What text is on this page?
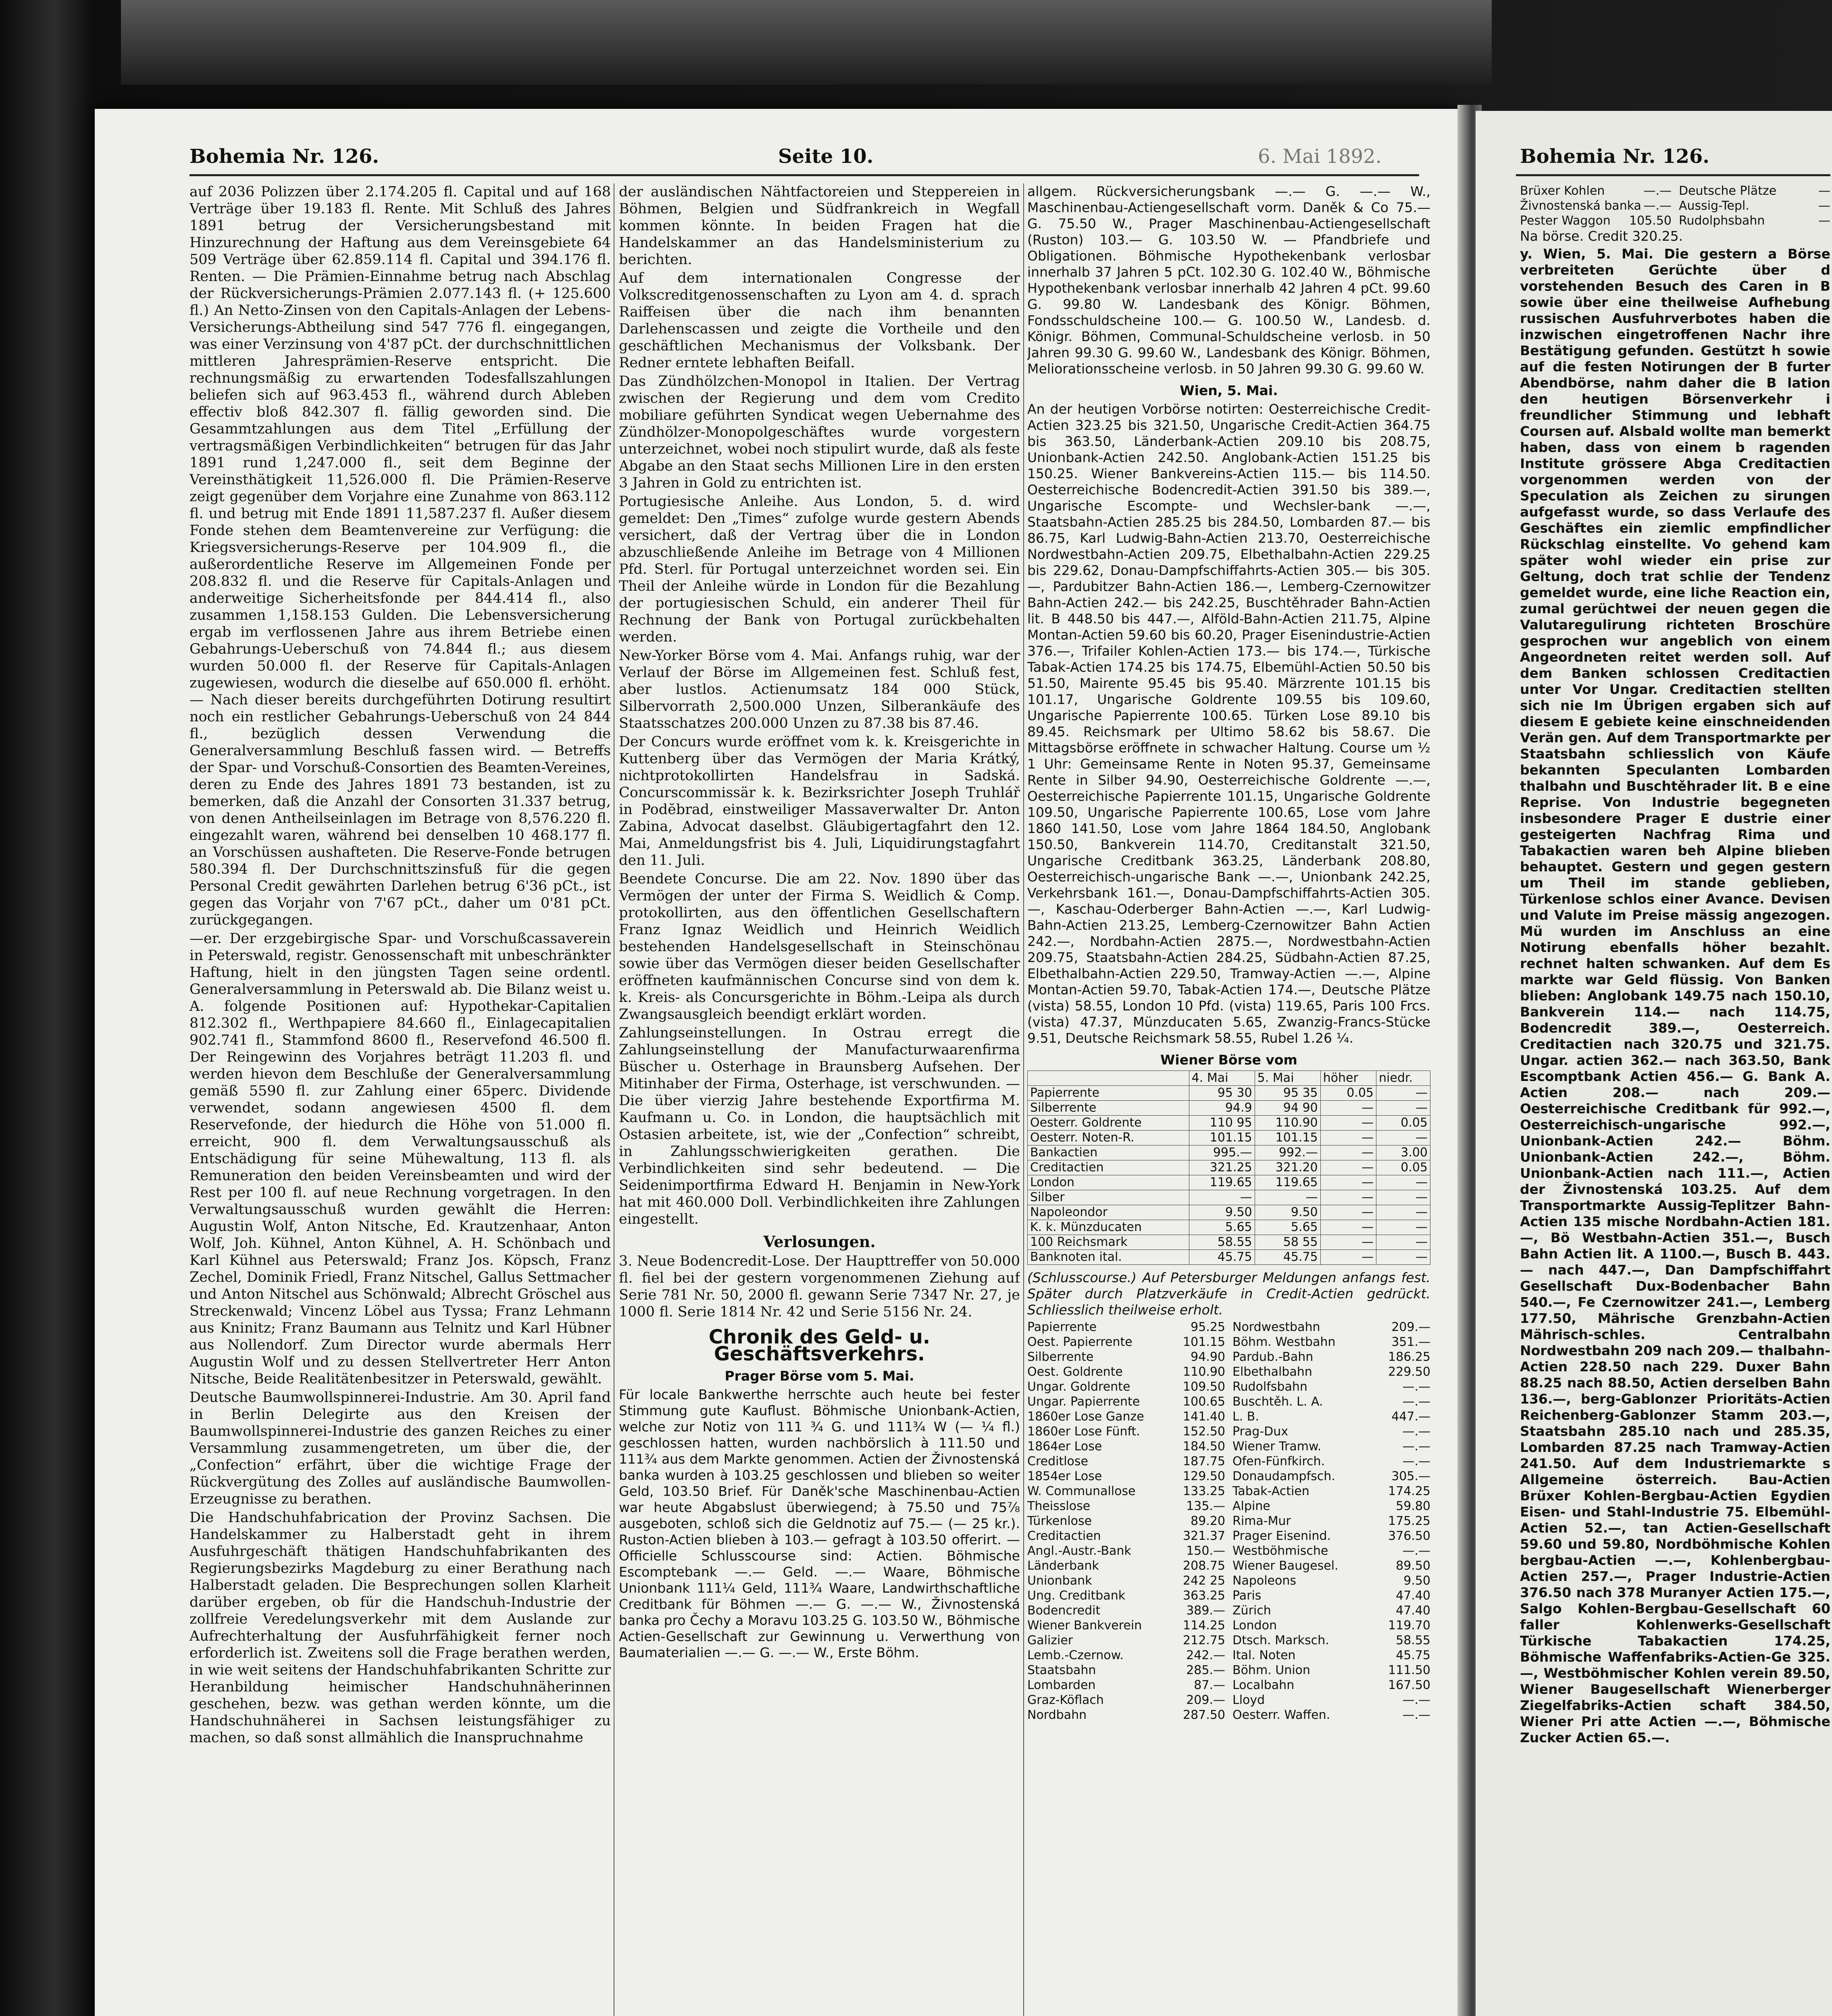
Bohemia Nr. 126.	Seite 10.	6. Mai 1892.	Bohemia Nr. 126.

auf 2036 Polizzen über 2.174.205 fl. Capital und auf 168 Verträge über 19.183 fl. Rente. Mit Schluß des Jahres 1891 betrug der Versicherungsbestand mit Hinzurechnung der Haftung aus dem Vereinsgebiete 64 509 Verträge über 62.859.114 fl. Capital und 394.176 fl. Renten. — Die Prämien-Einnahme betrug nach Abschlag der Rückversicherungs-Prämien 2.077.143 fl. (+ 125.600 fl.) An Netto-Zinsen von den Capitals-Anlagen der Lebens-Versicherungs-Abtheilung sind 547 776 fl. eingegangen, was einer Verzinsung von 4'87 pCt. der durchschnittlichen mittleren Jahresprämien-Reserve entspricht. Die rechnungsmäßig zu erwartenden Todesfallszahlungen beliefen sich auf 963.453 fl., während durch Ableben effectiv bloß 842.307 fl. fällig geworden sind. Die Gesammtzahlungen aus dem Titel „Erfüllung der vertragsmäßigen Verbindlichkeiten“ betrugen für das Jahr 1891 rund 1,247.000 fl., seit dem Beginne der Vereinsthätigkeit 11,526.000 fl. Die Prämien-Reserve zeigt gegenüber dem Vorjahre eine Zunahme von 863.112 fl. und betrug mit Ende 1891 11,587.237 fl. Außer diesem Fonde stehen dem Beamtenvereine zur Verfügung: die Kriegsversicherungs-Reserve per 104.909 fl., die außerordentliche Reserve im Allgemeinen Fonde per 208.832 fl. und die Reserve für Capitals-Anlagen und anderweitige Sicherheitsfonde per 844.414 fl., also zusammen 1,158.153 Gulden. Die Lebensversicherung ergab im verflossenen Jahre aus ihrem Betriebe einen Gebahrungs-Ueberschuß von 74.844 fl.; aus diesem wurden 50.000 fl. der Reserve für Capitals-Anlagen zugewiesen, wodurch die dieselbe auf 650.000 fl. erhöht. — Nach dieser bereits durchgeführten Dotirung resultirt noch ein restlicher Gebahrungs-Ueberschuß von 24 844 fl., bezüglich dessen Verwendung die Generalversammlung Beschluß fassen wird. — Betreffs der Spar- und Vorschuß-Consortien des Beamten-Vereines, deren zu Ende des Jahres 1891 73 bestanden, ist zu bemerken, daß die Anzahl der Consorten 31.337 betrug, von denen Antheilseinlagen im Betrage von 8,576.220 fl. eingezahlt waren, während bei denselben 10 468.177 fl. an Vorschüssen aushafteten. Die Reserve-Fonde betrugen 580.394 fl. Der Durchschnittszinsfuß für die gegen Personal Credit gewährten Darlehen betrug 6'36 pCt., ist gegen das Vorjahr von 7'67 pCt., daher um 0'81 pCt. zurückgegangen.

—er. Der erzgebirgische Spar- und Vorschußcassaverein in Peterswald, registr. Genossenschaft mit unbeschränkter Haftung, hielt in den jüngsten Tagen seine ordentl. Generalversammlung in Peterswald ab. Die Bilanz weist u. A. folgende Positionen auf: Hypothekar-Capitalien 812.302 fl., Werthpapiere 84.660 fl., Einlagecapitalien 902.741 fl., Stammfond 8600 fl., Reservefond 46.500 fl. Der Reingewinn des Vorjahres beträgt 11.203 fl. und werden hievon dem Beschluße der Generalversammlung gemäß 5590 fl. zur Zahlung einer 65perc. Dividende verwendet, sodann angewiesen 4500 fl. dem Reservefonde, der hiedurch die Höhe von 51.000 fl. erreicht, 900 fl. dem Verwaltungsausschuß als Entschädigung für seine Mühewaltung, 113 fl. als Remuneration den beiden Vereinsbeamten und wird der Rest per 100 fl. auf neue Rechnung vorgetragen. In den Verwaltungsausschuß wurden gewählt die Herren: Augustin Wolf, Anton Nitsche, Ed. Krautzenhaar, Anton Wolf, Joh. Kühnel, Anton Kühnel, A. H. Schönbach und Karl Kühnel aus Peterswald; Franz Jos. Köpsch, Franz Zechel, Dominik Friedl, Franz Nitschel, Gallus Settmacher und Anton Nitschel aus Schönwald; Albrecht Gröschel aus Streckenwald; Vincenz Löbel aus Tyssa; Franz Lehmann aus Kninitz; Franz Baumann aus Telnitz und Karl Hübner aus Nollendorf. Zum Director wurde abermals Herr Augustin Wolf und zu dessen Stellvertreter Herr Anton Nitsche, Beide Realitätenbesitzer in Peterswald, gewählt.

Deutsche Baumwollspinnerei-Industrie. Am 30. April fand in Berlin Delegirte aus den Kreisen der Baumwollspinnerei-Industrie des ganzen Reiches zu einer Versammlung zusammengetreten, um über die, der „Confection“ erfährt, über die wichtige Frage der Rückvergütung des Zolles auf ausländische Baumwollen-Erzeugnisse zu berathen.

Die Handschuhfabrication der Provinz Sachsen. Die Handelskammer zu Halberstadt geht in ihrem Ausfuhrgeschäft thätigen Handschuhfabrikanten des Regierungsbezirks Magdeburg zu einer Berathung nach Halberstadt geladen. Die Besprechungen sollen Klarheit darüber ergeben, ob für die Handschuh-Industrie der zollfreie Veredelungsverkehr mit dem Auslande zur Aufrechterhaltung der Ausfuhrfähigkeit ferner noch erforderlich ist. Zweitens soll die Frage berathen werden, in wie weit seitens der Handschuhfabrikanten Schritte zur Heranbildung heimischer Handschuhnäherinnen geschehen, bezw. was gethan werden könnte, um die Handschuhnäherei in Sachsen leistungsfähiger zu machen, so daß sonst allmählich die Inanspruchnahme

der ausländischen Nähtfactoreien und Steppereien in Böhmen, Belgien und Südfrankreich in Wegfall kommen könnte. In beiden Fragen hat die Handelskammer an das Handelsministerium zu berichten.

Auf dem internationalen Congresse der Volkscreditgenossenschaften zu Lyon am 4. d. sprach Raiffeisen über die nach ihm benannten Darlehenscassen und zeigte die Vortheile und den geschäftlichen Mechanismus der Volksbank. Der Redner erntete lebhaften Beifall.

Das Zündhölzchen-Monopol in Italien. Der Vertrag zwischen der Regierung und dem vom Credito mobiliare geführten Syndicat wegen Uebernahme des Zündhölzer-Monopolgeschäftes wurde vorgestern unterzeichnet, wobei noch stipulirt wurde, daß als feste Abgabe an den Staat sechs Millionen Lire in den ersten 3 Jahren in Gold zu entrichten ist.

Portugiesische Anleihe. Aus London, 5. d. wird gemeldet: Den „Times“ zufolge wurde gestern Abends versichert, daß der Vertrag über die in London abzuschließende Anleihe im Betrage von 4 Millionen Pfd. Sterl. für Portugal unterzeichnet worden sei. Ein Theil der Anleihe würde in London für die Bezahlung der portugiesischen Schuld, ein anderer Theil für Rechnung der Bank von Portugal zurückbehalten werden.

New-Yorker Börse vom 4. Mai. Anfangs ruhig, war der Verlauf der Börse im Allgemeinen fest. Schluß fest, aber lustlos. Actienumsatz 184 000 Stück, Silbervorrath 2,500.000 Unzen, Silberankäufe des Staatsschatzes 200.000 Unzen zu 87.38 bis 87.46.

Der Concurs wurde eröffnet vom k. k. Kreisgerichte in Kuttenberg über das Vermögen der Maria Krátký, nichtprotokollirten Handelsfrau in Sadská. Concurscommissär k. k. Bezirksrichter Joseph Truhlář in Podĕbrad, einstweiliger Massaverwalter Dr. Anton Zabina, Advocat daselbst. Gläubigertagfahrt den 12. Mai, Anmeldungsfrist bis 4. Juli, Liquidirungstagfahrt den 11. Juli.

Beendete Concurse. Die am 22. Nov. 1890 über das Vermögen der unter der Firma S. Weidlich & Comp. protokollirten, aus den öffentlichen Gesellschaftern Franz Ignaz Weidlich und Heinrich Weidlich bestehenden Handelsgesellschaft in Steinschönau sowie über das Vermögen dieser beiden Gesellschafter eröffneten kaufmännischen Concurse sind von dem k. k. Kreis- als Concursgerichte in Böhm.-Leipa als durch Zwangsausgleich beendigt erklärt worden.

Zahlungseinstellungen. In Ostrau erregt die Zahlungseinstellung der Manufacturwaarenfirma Büscher u. Osterhage in Braunsberg Aufsehen. Der Mitinhaber der Firma, Osterhage, ist verschwunden. — Die über vierzig Jahre bestehende Exportfirma M. Kaufmann u. Co. in London, die hauptsächlich mit Ostasien arbeitete, ist, wie der „Confection“ schreibt, in Zahlungsschwierigkeiten gerathen. Die Verbindlichkeiten sind sehr bedeutend. — Die Seidenimportfirma Edward H. Benjamin in New-York hat mit 460.000 Doll. Verbindlichkeiten ihre Zahlungen eingestellt.

Verlosungen.

3. Neue Bodencredit-Lose. Der Haupttreffer von 50.000 fl. fiel bei der gestern vorgenommenen Ziehung auf Serie 781 Nr. 50, 2000 fl. gewann Serie 7347 Nr. 27, je 1000 fl. Serie 1814 Nr. 42 und Serie 5156 Nr. 24.

Chronik des Geld- u. Geschäftsverkehrs.
Prager Börse vom 5. Mai.

Für locale Bankwerthe herrschte auch heute bei fester Stimmung gute Kauflust. Böhmische Unionbank-Actien, welche zur Notiz von 111 ¾ G. und 111¾ W (— ¼ fl.) geschlossen hatten, wurden nachbörslich à 111.50 und 111¾ aus dem Markte genommen. Actien der Živnostenská banka wurden à 103.25 geschlossen und blieben so weiter Geld, 103.50 Brief. Für Daněk'sche Maschinenbau-Actien war heute Abgabslust überwiegend; à 75.50 und 75⅞ ausgeboten, schloß sich die Geldnotiz auf 75.— (— 25 kr.). Ruston-Actien blieben à 103.— gefragt à 103.50 offerirt. — Officielle Schlusscourse sind: Actien. Böhmische Escomptebank —.— Geld. —.— Waare, Böhmische Unionbank 111¼ Geld, 111¾ Waare, Landwirthschaftliche Creditbank für Böhmen —.— G. —.— W., Živnostenská banka pro Čechy a Moravu 103.25 G. 103.50 W., Böhmische Actien-Gesellschaft zur Gewinnung u. Verwerthung von Baumaterialien —.— G. —.— W., Erste Böhm.

allgem. Rückversicherungsbank —.— G. —.— W., Maschinenbau-Actiengesellschaft vorm. Daněk & Co 75.— G. 75.50 W., Prager Maschinenbau-Actiengesellschaft (Ruston) 103.— G. 103.50 W. — Pfandbriefe und Obligationen. Böhmische Hypothekenbank verlosbar innerhalb 37 Jahren 5 pCt. 102.30 G. 102.40 W., Böhmische Hypothekenbank verlosbar innerhalb 42 Jahren 4 pCt. 99.60 G. 99.80 W. Landesbank des Königr. Böhmen, Fondsschuldscheine 100.— G. 100.50 W., Landesb. d. Königr. Böhmen, Communal-Schuldscheine verlosb. in 50 Jahren 99.30 G. 99.60 W., Landesbank des Königr. Böhmen, Meliorationsscheine verlosb. in 50 Jahren 99.30 G. 99.60 W.

Wien, 5. Mai.

An der heutigen Vorbörse notirten: Oesterreichische Credit-Actien 323.25 bis 321.50, Ungarische Credit-Actien 364.75 bis 363.50, Länderbank-Actien 209.10 bis 208.75, Unionbank-Actien 242.50. Anglobank-Actien 151.25 bis 150.25. Wiener Bankvereins-Actien 115.— bis 114.50. Oesterreichische Bodencredit-Actien 391.50 bis 389.—, Ungarische Escompte- und Wechsler-bank —.—, Staatsbahn-Actien 285.25 bis 284.50, Lombarden 87.— bis 86.75, Karl Ludwig-Bahn-Actien 213.70, Oesterreichische Nordwestbahn-Actien 209.75, Elbethalbahn-Actien 229.25 bis 229.62, Donau-Dampfschiffahrts-Actien 305.— bis 305.—, Pardubitzer Bahn-Actien 186.—, Lemberg-Czernowitzer Bahn-Actien 242.— bis 242.25, Buschtěhrader Bahn-Actien lit. B 448.50 bis 447.—, Alföld-Bahn-Actien 211.75, Alpine Montan-Actien 59.60 bis 60.20, Prager Eisenindustrie-Actien 376.—, Trifailer Kohlen-Actien 173.— bis 174.—, Türkische Tabak-Actien 174.25 bis 174.75, Elbemühl-Actien 50.50 bis 51.50, Mairente 95.45 bis 95.40. Märzrente 101.15 bis 101.17, Ungarische Goldrente 109.55 bis 109.60, Ungarische Papierrente 100.65. Türken Lose 89.10 bis 89.45. Reichsmark per Ultimo 58.62 bis 58.67. Die Mittagsbörse eröffnete in schwacher Haltung. Course um ½ 1 Uhr: Gemeinsame Rente in Noten 95.37, Gemeinsame Rente in Silber 94.90, Oesterreichische Goldrente —.—, Oesterreichische Papierrente 101.15, Ungarische Goldrente 109.50, Ungarische Papierrente 100.65, Lose vom Jahre 1860 141.50, Lose vom Jahre 1864 184.50, Anglobank 150.50, Bankverein 114.70, Creditanstalt 321.50, Ungarische Creditbank 363.25, Länderbank 208.80, Oesterreichisch-ungarische Bank —.—, Unionbank 242.25, Verkehrsbank 161.—, Donau-Dampfschiffahrts-Actien 305.—, Kaschau-Oderberger Bahn-Actien —.—, Karl Ludwig-Bahn-Actien 213.25, Lemberg-Czernowitzer Bahn Actien 242.—, Nordbahn-Actien 2875.—, Nordwestbahn-Actien 209.75, Staatsbahn-Actien 284.25, Südbahn-Actien 87.25, Elbethalbahn-Actien 229.50, Tramway-Actien —.—, Alpine Montan-Actien 59.70, Tabak-Actien 174.—, Deutsche Plätze (vista) 58.55, London 10 Pfd. (vista) 119.65, Paris 100 Frcs. (vista) 47.37, Münzducaten 5.65, Zwanzig-Francs-Stücke 9.51, Deutsche Reichsmark 58.55, Rubel 1.26 ¼.

Wiener Börse vom
	4. Mai	5. Mai	höher	niedr.
Papierrente	95 30	95 35	0.05	—
Silberrente	94.9	94 90	—	—
Oesterr. Goldrente	110 95	110.90	—	0.05
Oesterr. Noten-R.	101.15	101.15	—	—
Bankactien	995.—	992.—	—	3.00
Creditactien	321.25	321.20	—	0.05
London	119.65	119.65	—	—
Silber	—	—	—	—
Napoleondor	9.50	9.50	—	—
K. k. Münzducaten	5.65	5.65	—	—
100 Reichsmark	58.55	58 55	—	—
Banknoten ital.	45.75	45.75	—	—

(Schlusscourse.) Auf Petersburger Meldungen anfangs fest. Später durch Platzverkäufe in Credit-Actien gedrückt. Schliesslich theilweise erholt.

Papierrente	95.25 Nordwestbahn	209.—
Oest. Papierrente	101.15 Böhm. Westbahn	351.—
Silberrente	94.90 Pardub.-Bahn	186.25
Oest. Goldrente	110.90 Elbethalbahn	229.50
Ungar. Goldrente	109.50 Rudolfsbahn	—.—
Ungar. Papierrente	100.65 Buschtěh. L. A.	—.—
1860er Lose Ganze	141.40 L. B.	447.—
1860er Lose Fünft.	152.50 Prag-Dux	—.—
1864er Lose	184.50 Wiener Tramw.	—.—
Creditlose	187.75 Ofen-Fünfkirch.	—.—
1854er Lose	129.50 Donaudampfsch.	305.—
W. Communallose	133.25 Tabak-Actien	174.25
Theisslose	135.— Alpine	59.80
Türkenlose	89.20 Rima-Mur	175.25
Creditactien	321.37 Prager Eisenind.	376.50
Angl.-Austr.-Bank	150.— Westböhmische	—.—
Länderbank	208.75 Wiener Baugesel.	89.50
Unionbank	242 25 Napoleons	9.50
Ung. Creditbank	363.25 Paris	47.40
Bodencredit	389.— Zürich	47.40
Wiener Bankverein	114.25 London	119.70
Galizier	212.75 Dtsch. Marksch.	58.55
Lemb.-Czernow.	242.— Ital. Noten	45.75
Staatsbahn	285.— Böhm. Union	111.50
Lombarden	87.— Localbahn	167.50
Graz-Köflach	209.— Lloyd	—.—
Nordbahn	287.50 Oesterr. Waffen.	—.—
Brüxer Kohlen	—.— Deutsche Plätze	—
Živnostenská banka —.— Aussig-Tepl.	—
Pester Waggon 105.50 Rudolphsbahn	—

Na börse. Credit 320.25.

y. Wien, 5. Mai. Die gestern a Börse verbreiteten Gerüchte über d vorstehenden Besuch des Caren in B sowie über eine theilweise Aufhebung russischen Ausfuhrverbotes haben die inzwischen eingetroffenen Nachr ihre Bestätigung gefunden. Gestützt h sowie auf die festen Notirungen der B furter Abendbörse, nahm daher die B lation den heutigen Börsenverkehr i freundlicher Stimmung und lebhaft Coursen auf. Alsbald wollte man bemerkt haben, dass von einem b ragenden Institute grössere Abga Creditactien vorgenommen werden von der Speculation als Zeichen zu sirungen aufgefasst wurde, so dass Verlaufe des Geschäftes ein ziemlic empfindlicher Rückschlag einstellte. Vo gehend kam später wohl wieder ein prise zur Geltung, doch trat schlie der Tendenz gemeldet wurde, eine liche Reaction ein, zumal gerüchtwei der neuen gegen die Valutaregulirung richteten Broschüre gesprochen wur angeblich von einem Angeordneten reitet werden soll. Auf dem Banken schlossen Creditactien unter Vor Ungar. Creditactien stellten sich nie Im Übrigen ergaben sich auf diesem E gebiete keine einschneidenden Verän gen. Auf dem Transportmarkte per Staatsbahn schliesslich von Käufe bekannten Speculanten Lombarden thalbahn und Buschtěhrader lit. B e eine Reprise. Von Industrie begegneten insbesondere Prager E dustrie einer gesteigerten Nachfrag Rima und Tabakactien waren beh Alpine blieben behauptet. Gestern und gegen gestern um Theil im stande geblieben, Türkenlose schlos einer Avance. Devisen und Valute im Preise mässig angezogen. Mü wurden im Anschluss an eine Notirung ebenfalls höher bezahlt. rechnet halten schwanken. Auf dem Es markte war Geld flüssig. Von Banken blieben: Anglobank 149.75 nach 150.10, Bankverein 114.— nach 114.75, Bodencredit 389.—, Oesterreich. Creditactien nach 320.75 und 321.75. Ungar. actien 362.— nach 363.50, Bank Escomptbank Actien 456.— G. Bank A. Actien 208.— nach 209.— Oesterreichische Creditbank für 992.—, Oesterreichisch-ungarische 992.—, Unionbank-Actien 242.— Böhm. Unionbank-Actien 242.—, Böhm. Unionbank-Actien nach 111.—, Actien der Živnostenská 103.25. Auf dem Transportmarkte Aussig-Teplitzer Bahn-Actien 135 mische Nordbahn-Actien 181.—, Bö Westbahn-Actien 351.—, Busch Bahn Actien lit. A 1100.—, Busch B. 443.— nach 447.—, Dan Dampfschiffahrt Gesellschaft Dux-Bodenbacher Bahn 540.—, Fe Czernowitzer 241.—, Lemberg 177.50, Mährische Grenzbahn-Actien Mährisch-schles. Centralbahn Nordwestbahn 209 nach 209.— thalbahn-Actien 228.50 nach 229. Duxer Bahn 88.25 nach 88.50, Actien derselben Bahn 136.—, berg-Gablonzer Prioritäts-Actien Reichenberg-Gablonzer Stamm 203.—, Staatsbahn 285.10 nach und 285.35, Lombarden 87.25 nach Tramway-Actien 241.50. Auf dem Industriemarkte s Allgemeine österreich. Bau-Actien Brüxer Kohlen-Bergbau-Actien Egydien Eisen- und Stahl-Industrie 75. Elbemühl-Actien 52.—, tan Actien-Gesellschaft 59.60 und 59.80, Nordböhmische Kohlen bergbau-Actien —.—, Kohlenbergbau-Actien 257.—, Prager Industrie-Actien 376.50 nach 378 Muranyer Actien 175.—, Salgo Kohlen-Bergbau-Gesellschaft 60 faller Kohlenwerks-Gesellschaft Türkische Tabakactien 174.25, Böhmische Waffenfabriks-Actien-Ge 325.—, Westböhmischer Kohlen verein 89.50, Wiener Baugesellschaft Wienerberger Ziegelfabriks-Actien schaft 384.50, Wiener Pri atte Actien —.—, Böhmische Zucker Actien 65.—.
